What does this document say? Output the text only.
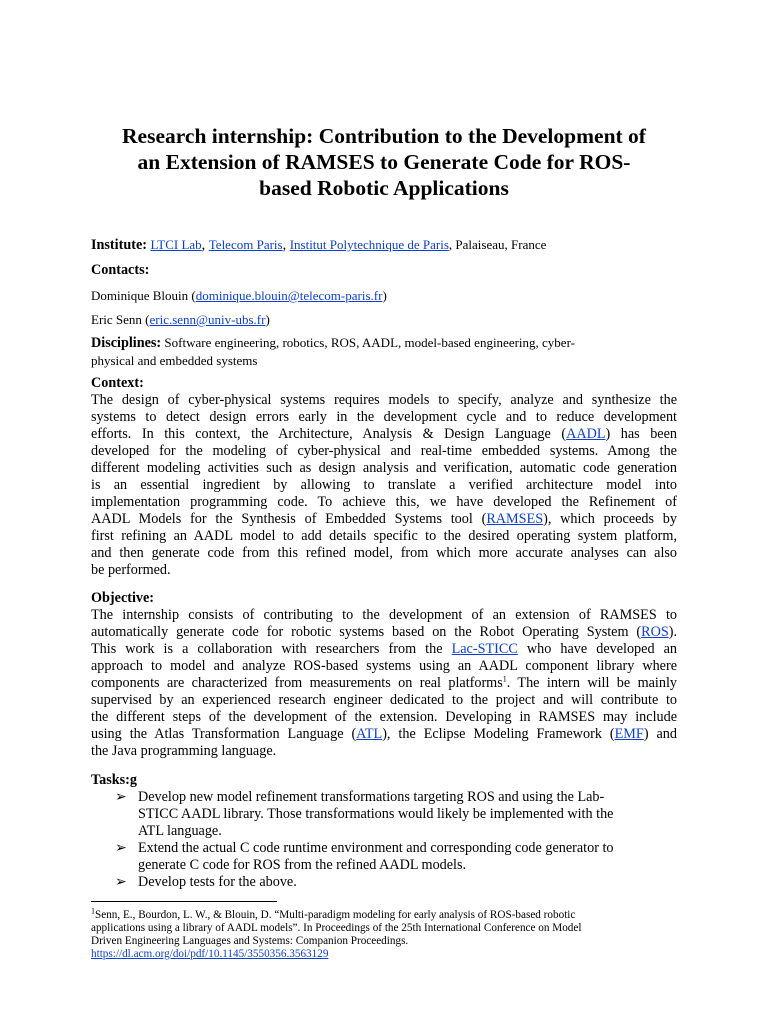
Research internship: Contribution to the Development of
an Extension of RAMSES to Generate Code for ROS-
based Robotic Applications
Institute: LTCI Lab, Telecom Paris, Institut Polytechnique de Paris, Palaiseau, France
Contacts:
Dominique Blouin (dominique.blouin@telecom-paris.fr)
Eric Senn (eric.senn@univ-ubs.fr)
Disciplines: Software engineering, robotics, ROS, AADL, model-based engineering, cyber-
physical and embedded systems
Context:
The design of cyber-physical systems requires models to specify, analyze and synthesize the
systems to detect design errors early in the development cycle and to reduce development
efforts. In this context, the Architecture, Analysis & Design Language (AADL) has been
developed for the modeling of cyber-physical and real-time embedded systems. Among the
different modeling activities such as design analysis and verification, automatic code generation
is an essential ingredient by allowing to translate a verified architecture model into
implementation programming code. To achieve this, we have developed the Refinement of
AADL Models for the Synthesis of Embedded Systems tool (RAMSES), which proceeds by
first refining an AADL model to add details specific to the desired operating system platform,
and then generate code from this refined model, from which more accurate analyses can also
be performed.
Objective:
The internship consists of contributing to the development of an extension of RAMSES to
automatically generate code for robotic systems based on the Robot Operating System (ROS).
This work is a collaboration with researchers from the Lac-STICC who have developed an
approach to model and analyze ROS-based systems using an AADL component library where
components are characterized from measurements on real platforms$^1$. The intern will be mainly
supervised by an experienced research engineer dedicated to the project and will contribute to
the different steps of the development of the extension. Developing in RAMSES may include
using the Atlas Transformation Language (ATL), the Eclipse Modeling Framework (EMF) and
the Java programming language.
Tasks:g
➢ Develop new model refinement transformations targeting ROS and using the Lab-
STICC AADL library. Those transformations would likely be implemented with the
ATL language.
➢ Extend the actual C code runtime environment and corresponding code generator to
generate C code for ROS from the refined AADL models.
➢ Develop tests for the above.
$^1$Senn, E., Bourdon, L. W., & Blouin, D. “Multi-paradigm modeling for early analysis of ROS-based robotic
applications using a library of AADL models”. In Proceedings of the 25th International Conference on Model
Driven Engineering Languages and Systems: Companion Proceedings.
https://dl.acm.org/doi/pdf/10.1145/3550356.3563129
